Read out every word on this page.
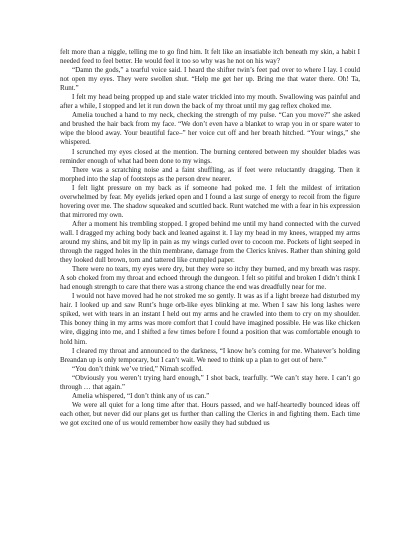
felt more than a niggle, telling me to go find him. It felt like an insatiable itch beneath my skin, a habit I needed feed to feel better. He would feel it too so why was he not on his way?

“Damn the gods,” a tearful voice said. I heard the shifter twin’s feet pad over to where I lay. I could not open my eyes. They were swollen shut. “Help me get her up. Bring me that water there. Oh! Ta, Runt.”

I felt my head being propped up and stale water trickled into my mouth. Swallowing was painful and after a while, I stopped and let it run down the back of my throat until my gag reflex choked me.

Amelia touched a hand to my neck, checking the strength of my pulse. “Can you move?” she asked and brushed the hair back from my face. “We don’t even have a blanket to wrap you in or spare water to wipe the blood away. Your beautiful face–” her voice cut off and her breath hitched. “Your wings,” she whispered.

I scrunched my eyes closed at the mention. The burning centered between my shoulder blades was reminder enough of what had been done to my wings.

There was a scratching noise and a faint shuffling, as if feet were reluctantly dragging. Then it morphed into the slap of footsteps as the person drew nearer.

I felt light pressure on my back as if someone had poked me. I felt the mildest of irritation overwhelmed by fear. My eyelids jerked open and I found a last surge of energy to recoil from the figure hovering over me. The shadow squeaked and scuttled back. Runt watched me with a fear in his expression that mirrored my own.

After a moment his trembling stopped. I groped behind me until my hand connected with the curved wall. I dragged my aching body back and leaned against it. I lay my head in my knees, wrapped my arms around my shins, and bit my lip in pain as my wings curled over to cocoon me. Pockets of light seeped in through the ragged holes in the thin membrane, damage from the Clerics knives. Rather than shining gold they looked dull brown, torn and tattered like crumpled paper.

There were no tears, my eyes were dry, but they were so itchy they burned, and my breath was raspy. A sob choked from my throat and echoed through the dungeon. I felt so pitiful and broken I didn’t think I had enough strength to care that there was a strong chance the end was dreadfully near for me.

I would not have moved had he not stroked me so gently. It was as if a light breeze had disturbed my hair. I looked up and saw Runt’s huge orb-like eyes blinking at me. When I saw his long lashes were spiked, wet with tears in an instant I held out my arms and he crawled into them to cry on my shoulder. This boney thing in my arms was more comfort that I could have imagined possible. He was like chicken wire, digging into me, and I shifted a few times before I found a position that was comfortable enough to hold him.

I cleared my throat and announced to the darkness, “I know he’s coming for me. Whatever’s holding Breandan up is only temporary, but I can’t wait. We need to think up a plan to get out of here.”

“You don’t think we’ve tried,” Nimah scoffed.

“Obviously you weren’t trying hard enough,” I shot back, tearfully. “We can’t stay here. I can’t go through … that again.”

Amelia whispered, “I don’t think any of us can.”

We were all quiet for a long time after that. Hours passed, and we half-heartedly bounced ideas off each other, but never did our plans get us further than calling the Clerics in and fighting them. Each time we got excited one of us would remember how easily they had subdued us
